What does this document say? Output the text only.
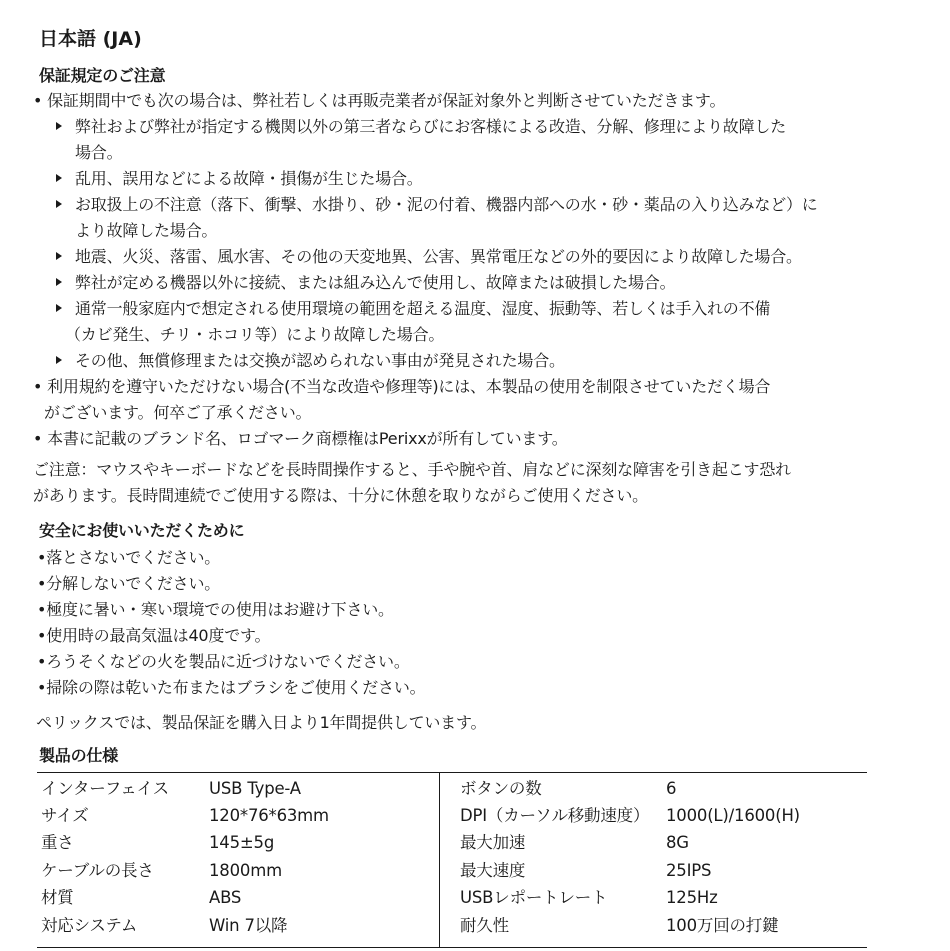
日本語 (JA)
保証規定のご注意
• 保証期間中でも次の場合は、弊社若しくは再販売業者が保証対象外と判断させていただきます。
弊社および弊社が指定する機関以外の第三者ならびにお客様による改造、分解、修理により故障した
場合。
乱用、誤用などによる故障・損傷が生じた場合。
お取扱上の不注意（落下、衝撃、水掛り、砂・泥の付着、機器内部への水・砂・薬品の入り込みなど）に
より故障した場合。
地震、火災、落雷、風水害、その他の天変地異、公害、異常電圧などの外的要因により故障した場合。
弊社が定める機器以外に接続、または組み込んで使用し、故障または破損した場合。
通常一般家庭内で想定される使用環境の範囲を超える温度、湿度、振動等、若しくは手入れの不備
（カビ発生、チリ・ホコリ等）により故障した場合。
その他、無償修理または交換が認められない事由が発見された場合。
• 利用規約を遵守いただけない場合(不当な改造や修理等)には、本製品の使用を制限させていただく場合
がございます。何卒ご了承ください。
• 本書に記載のブランド名、ロゴマーク商標権はPerixxが所有しています。
ご注意：マウスやキーボードなどを長時間操作すると、手や腕や首、肩などに深刻な障害を引き起こす恐れ
があります。長時間連続でご使用する際は、十分に休憩を取りながらご使用ください。
安全にお使いいただくために
•落とさないでください。
•分解しないでください。
•極度に暑い・寒い環境での使用はお避け下さい。
•使用時の最高気温は40度です。
•ろうそくなどの火を製品に近づけないでください。
•掃除の際は乾いた布またはブラシをご使用ください。
ペリックスでは、製品保証を購入日より1年間提供しています。
製品の仕様
インターフェイス USB Type-A
サイズ	120*76*63mm
重さ	145±5g
ケーブルの長さ	1800mm
材質	ABS
対応システム	Win 7以降
ボタンの数	6
DPI（カーソル移動速度） 1000(L)/1600(H)
最大加速	8G
最大速度	25IPS
USBレポートレート	125Hz
耐久性	100万回の打鍵
